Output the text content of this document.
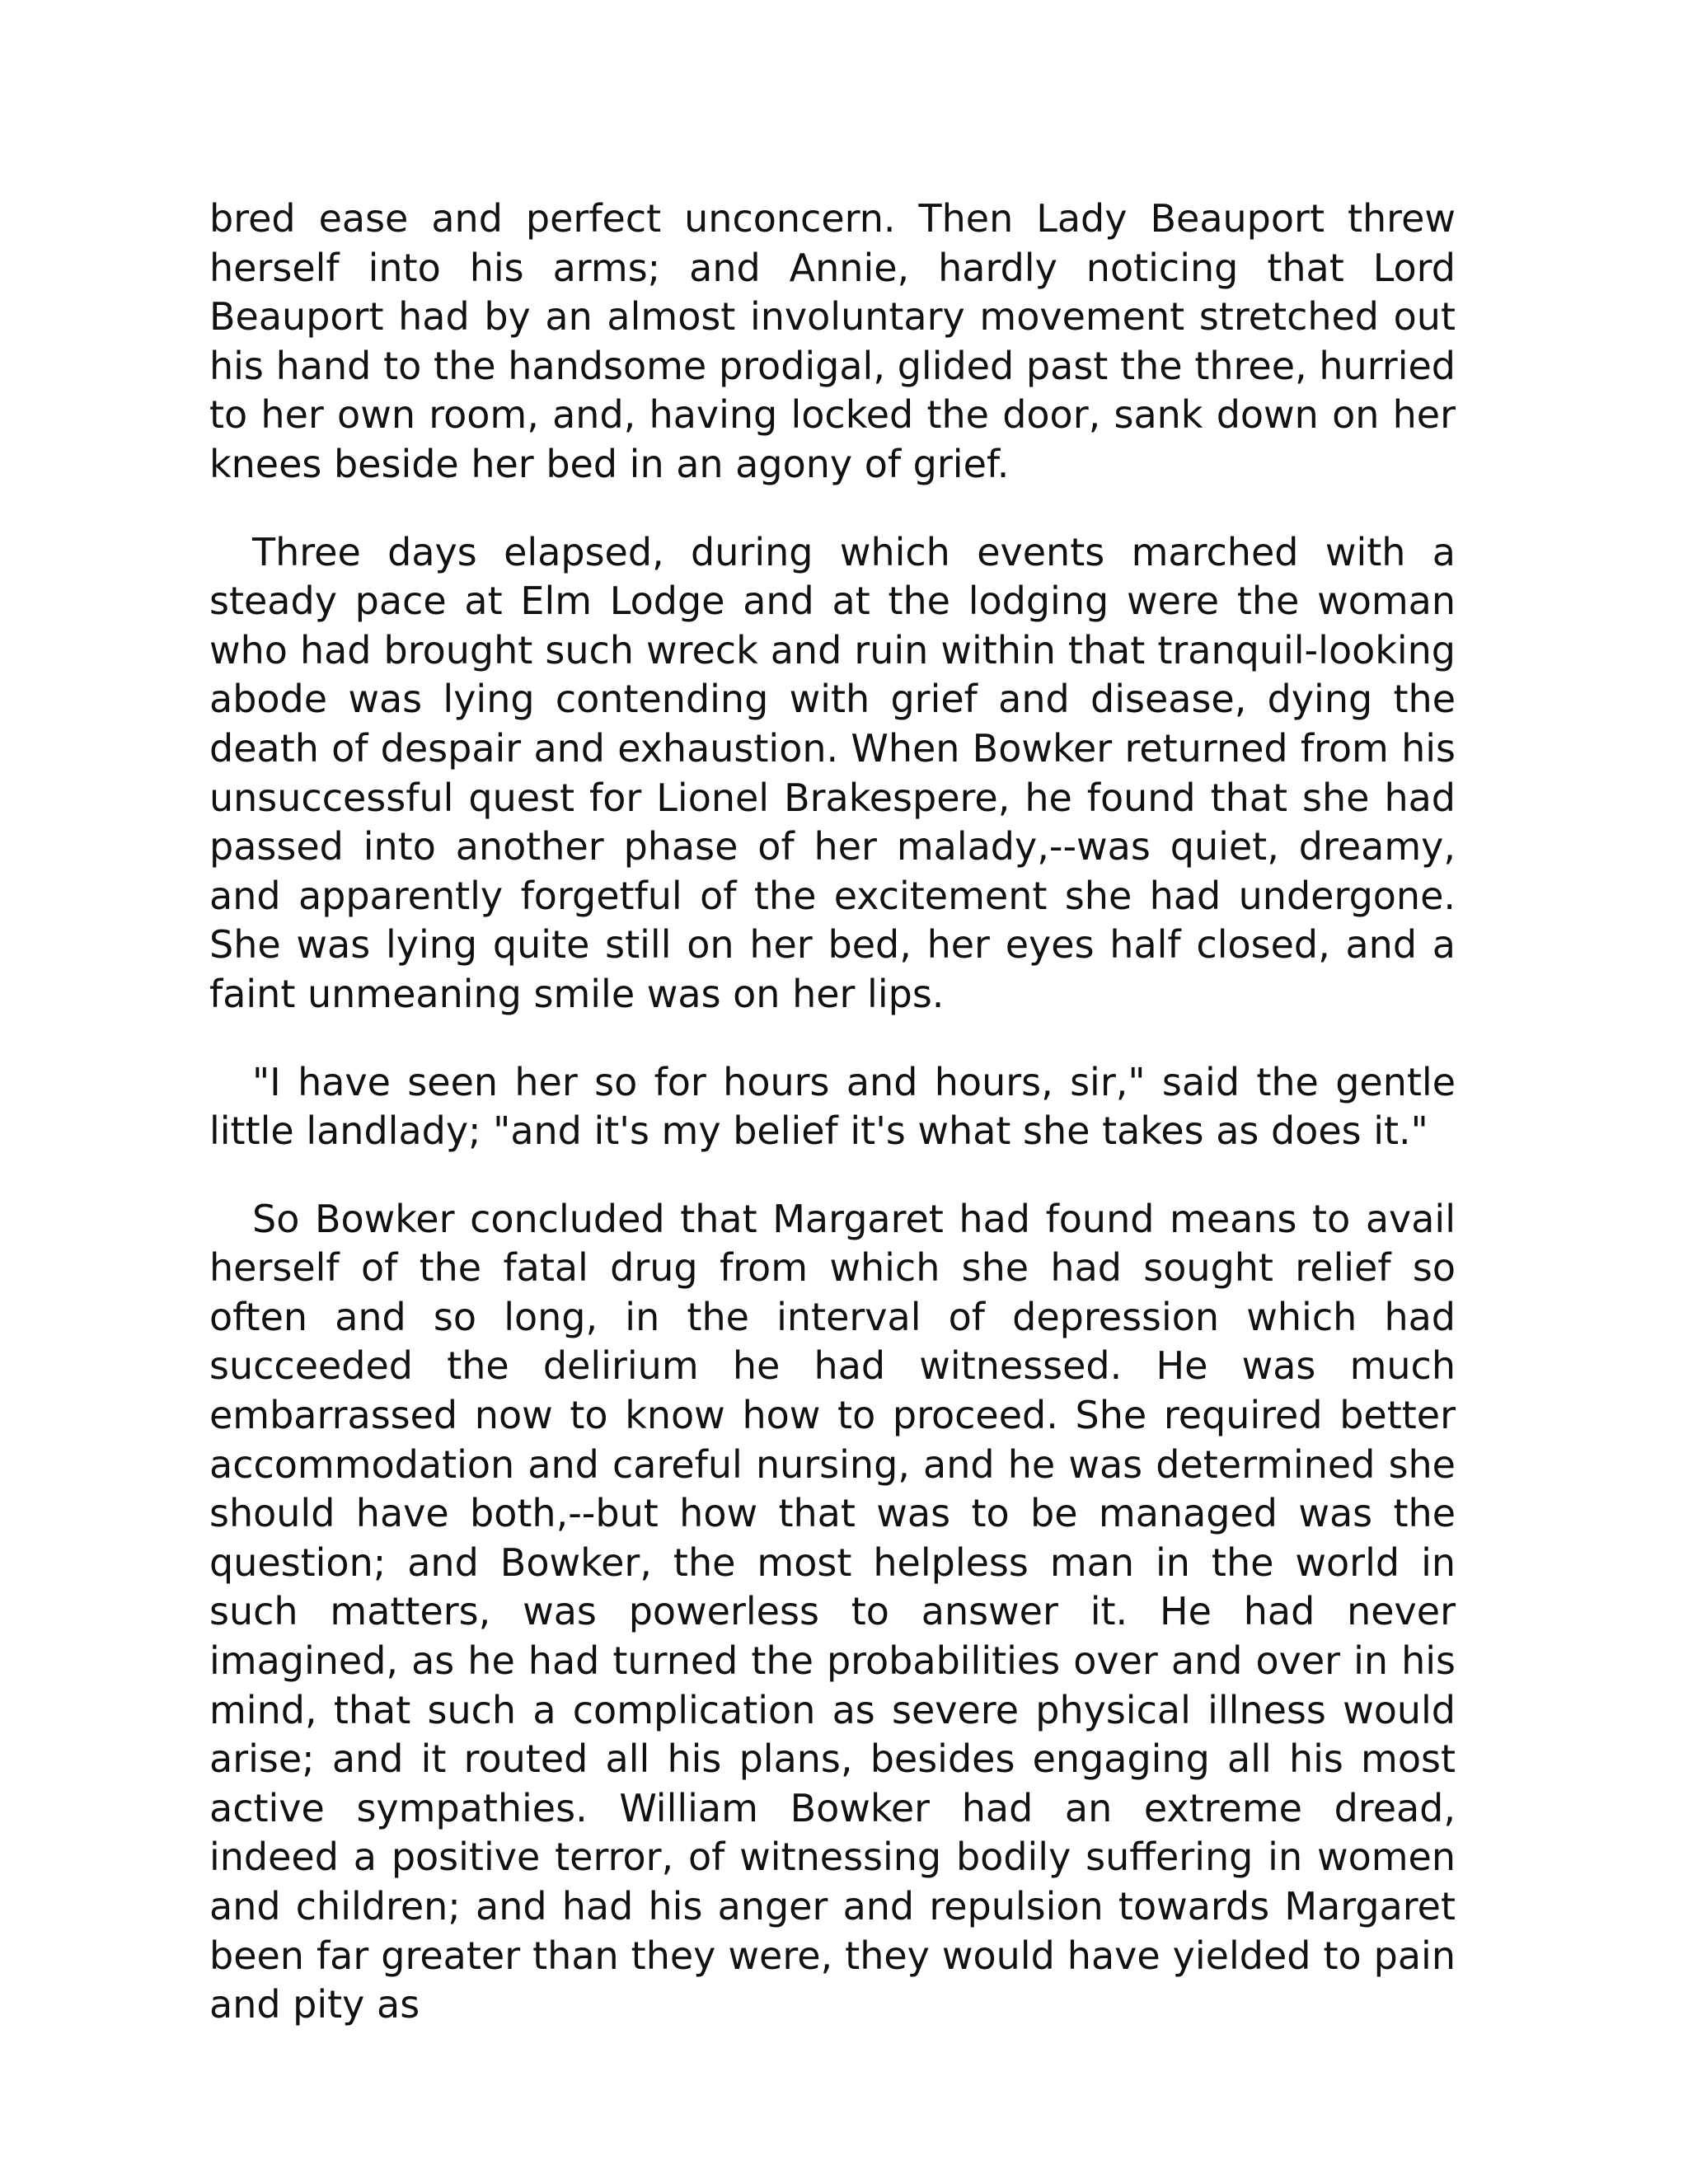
bred ease and perfect unconcern. Then Lady Beauport threw herself into his arms; and Annie, hardly noticing that Lord Beauport had by an almost involuntary movement stretched out his hand to the handsome prodigal, glided past the three, hurried to her own room, and, having locked the door, sank down on her knees beside her bed in an agony of grief.

Three days elapsed, during which events marched with a steady pace at Elm Lodge and at the lodging were the woman who had brought such wreck and ruin within that tranquil-looking abode was lying contending with grief and disease, dying the death of despair and exhaustion. When Bowker returned from his unsuccessful quest for Lionel Brakespere, he found that she had passed into another phase of her malady,--was quiet, dreamy, and apparently forgetful of the excitement she had undergone. She was lying quite still on her bed, her eyes half closed, and a faint unmeaning smile was on her lips.

"I have seen her so for hours and hours, sir," said the gentle little landlady; "and it's my belief it's what she takes as does it."

So Bowker concluded that Margaret had found means to avail herself of the fatal drug from which she had sought relief so often and so long, in the interval of depression which had succeeded the delirium he had witnessed. He was much embarrassed now to know how to proceed. She required better accommodation and careful nursing, and he was determined she should have both,--but how that was to be managed was the question; and Bowker, the most helpless man in the world in such matters, was powerless to answer it. He had never imagined, as he had turned the probabilities over and over in his mind, that such a complication as severe physical illness would arise; and it routed all his plans, besides engaging all his most active sympathies. William Bowker had an extreme dread, indeed a positive terror, of witnessing bodily suffering in women and children; and had his anger and repulsion towards Margaret been far greater than they were, they would have yielded to pain and pity as
